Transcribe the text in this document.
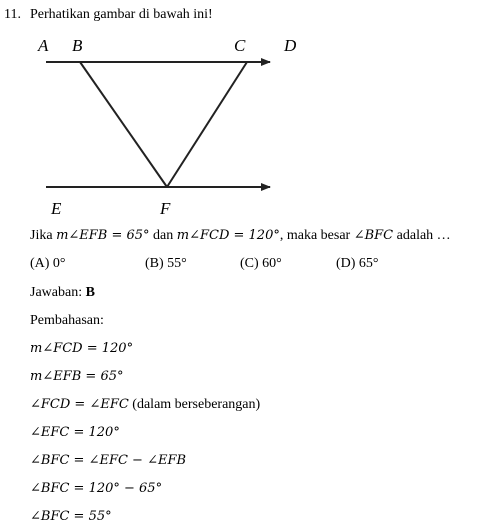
11. Perhatikan gambar di bawah ini!
A B	C D
E	F
Jika m∠EFB = 65° dan m∠FCD = 120°, maka besar ∠BFC adalah …
(A) 0°	(B) 55°	(C) 60°	(D) 65°
Jawaban: B
Pembahasan:
m∠FCD = 120°
m∠EFB = 65°
∠FCD = ∠EFC (dalam berseberangan)
∠EFC = 120°
∠BFC = ∠EFC − ∠EFB
∠BFC = 120° − 65°
∠BFC = 55°
